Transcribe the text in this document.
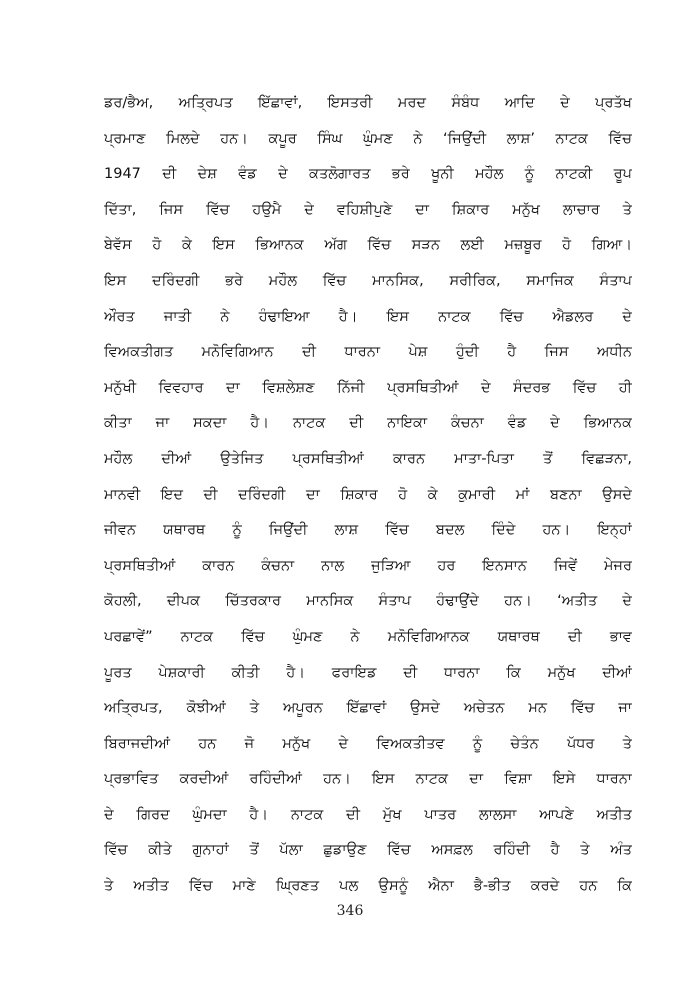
ਡਰ/ਭੈਅ, ਅਤ੍ਰਿਪਤ ਇੱਛਾਵਾਂ, ਇਸਤਰੀ ਮਰਦ ਸੰਬੰਧ ਆਦਿ ਦੇ ਪ੍ਰਤੱਖ
ਪ੍ਰਮਾਣ ਮਿਲਦੇ ਹਨ। ਕਪੂਰ ਸਿੰਘ ਘੁੰਮਣ ਨੇ ‘ਜਿਉਂਦੀ ਲਾਸ਼’ ਨਾਟਕ ਵਿੱਚ
1947 ਦੀ ਦੇਸ਼ ਵੰਡ ਦੇ ਕਤਲੋਗਾਰਤ ਭਰੇ ਖੂਨੀ ਮਹੌਲ ਨੂੰ ਨਾਟਕੀ ਰੂਪ
ਦਿੱਤਾ, ਜਿਸ ਵਿੱਚ ਹਉਮੈ ਦੇ ਵਹਿਸ਼ੀਪੁਣੇ ਦਾ ਸ਼ਿਕਾਰ ਮਨੁੱਖ ਲਾਚਾਰ ਤੇ
ਬੇਵੱਸ ਹੋ ਕੇ ਇਸ ਭਿਆਨਕ ਅੱਗ ਵਿੱਚ ਸੜਨ ਲਈ ਮਜ਼ਬੂਰ ਹੋ ਗਿਆ।
ਇਸ ਦਰਿੰਦਗੀ ਭਰੇ ਮਹੌਲ ਵਿੱਚ ਮਾਨਸਿਕ, ਸਰੀਰਿਕ, ਸਮਾਜਿਕ ਸੰਤਾਪ
ਔਰਤ ਜਾਤੀ ਨੇ ਹੰਢਾਇਆ ਹੈ। ਇਸ ਨਾਟਕ ਵਿੱਚ ਐਡਲਰ ਦੇ
ਵਿਅਕਤੀਗਤ ਮਨੋਵਿਗਿਆਨ ਦੀ ਧਾਰਨਾ ਪੇਸ਼ ਹੁੰਦੀ ਹੈ ਜਿਸ ਅਧੀਨ
ਮਨੁੱਖੀ ਵਿਵਹਾਰ ਦਾ ਵਿਸ਼ਲੇਸ਼ਣ ਨਿੱਜੀ ਪ੍ਰਸਥਿਤੀਆਂ ਦੇ ਸੰਦਰਭ ਵਿੱਚ ਹੀ
ਕੀਤਾ ਜਾ ਸਕਦਾ ਹੈ। ਨਾਟਕ ਦੀ ਨਾਇਕਾ ਕੰਚਨਾ ਵੰਡ ਦੇ ਭਿਆਨਕ
ਮਹੌਲ ਦੀਆਂ ਉਤੇਜਿਤ ਪ੍ਰਸਥਿਤੀਆਂ ਕਾਰਨ ਮਾਤਾ-ਪਿਤਾ ਤੋਂ ਵਿਛੜਨਾ,
ਮਾਨਵੀ ਇਦ ਦੀ ਦਰਿੰਦਗੀ ਦਾ ਸ਼ਿਕਾਰ ਹੋ ਕੇ ਕੁਮਾਰੀ ਮਾਂ ਬਣਨਾ ਉਸਦੇ
ਜੀਵਨ ਯਥਾਰਥ ਨੂੰ ਜਿਉਂਦੀ ਲਾਸ਼ ਵਿੱਚ ਬਦਲ ਦਿੰਦੇ ਹਨ। ਇਨ੍ਹਾਂ
ਪ੍ਰਸਥਿਤੀਆਂ ਕਾਰਨ ਕੰਚਨਾ ਨਾਲ ਜੁੜਿਆ ਹਰ ਇਨਸਾਨ ਜਿਵੇਂ ਮੇਜਰ
ਕੋਹਲੀ, ਦੀਪਕ ਚਿੱਤਰਕਾਰ ਮਾਨਸਿਕ ਸੰਤਾਪ ਹੰਢਾਉਂਦੇ ਹਨ। ‘ਅਤੀਤ ਦੇ
ਪਰਛਾਵੇਂ” ਨਾਟਕ ਵਿੱਚ ਘੁੰਮਣ ਨੇ ਮਨੋਵਿਗਿਆਨਕ ਯਥਾਰਥ ਦੀ ਭਾਵ
ਪੂਰਤ ਪੇਸ਼ਕਾਰੀ ਕੀਤੀ ਹੈ। ਫਰਾਇਡ ਦੀ ਧਾਰਨਾ ਕਿ ਮਨੁੱਖ ਦੀਆਂ
ਅਤ੍ਰਿਪਤ, ਕੋਝੀਆਂ ਤੇ ਅਪੂਰਨ ਇੱਛਾਵਾਂ ਉਸਦੇ ਅਚੇਤਨ ਮਨ ਵਿੱਚ ਜਾ
ਬਿਰਾਜਦੀਆਂ ਹਨ ਜੋ ਮਨੁੱਖ ਦੇ ਵਿਅਕਤੀਤਵ ਨੂੰ ਚੇਤੰਨ ਪੱਧਰ ਤੇ
ਪ੍ਰਭਾਵਿਤ ਕਰਦੀਆਂ ਰਹਿੰਦੀਆਂ ਹਨ। ਇਸ ਨਾਟਕ ਦਾ ਵਿਸ਼ਾ ਇਸੇ ਧਾਰਨਾ
ਦੇ ਗਿਰਦ ਘੁੰਮਦਾ ਹੈ। ਨਾਟਕ ਦੀ ਮੁੱਖ ਪਾਤਰ ਲਾਲਸਾ ਆਪਣੇ ਅਤੀਤ
ਵਿੱਚ ਕੀਤੇ ਗੁਨਾਹਾਂ ਤੋਂ ਪੱਲਾ ਛੁਡਾਉਣ ਵਿੱਚ ਅਸਫ਼ਲ ਰਹਿੰਦੀ ਹੈ ਤੇ ਅੰਤ
ਤੇ ਅਤੀਤ ਵਿੱਚ ਮਾਣੇ ਘ੍ਰਿਣਤ ਪਲ ਉਸਨੂੰ ਐਨਾ ਭੈ-ਭੀਤ ਕਰਦੇ ਹਨ ਕਿ
346
